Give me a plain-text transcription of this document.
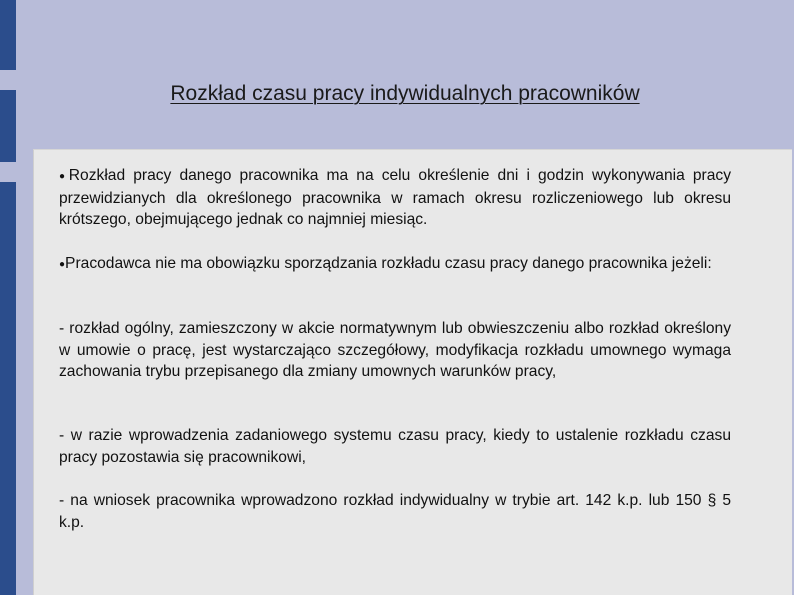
Rozkład czasu pracy indywidualnych pracowników

●Rozkład pracy danego pracownika ma na celu określenie dni i godzin wykonywania pracy przewidzianych dla określonego pracownika w ramach okresu rozliczeniowego lub okresu krótszego, obejmującego jednak co najmniej miesiąc.

●Pracodawca nie ma obowiązku sporządzania rozkładu czasu pracy danego pracownika jeżeli:

- rozkład ogólny, zamieszczony w akcie normatywnym lub obwieszczeniu albo rozkład określony w umowie o pracę, jest wystarczająco szczegółowy, modyfikacja rozkładu umownego wymaga zachowania trybu przepisanego dla zmiany umownych warunków pracy,

- w razie wprowadzenia zadaniowego systemu czasu pracy, kiedy to ustalenie rozkładu czasu pracy pozostawia się pracownikowi,

- na wniosek pracownika wprowadzono rozkład indywidualny w trybie art. 142 k.p. lub 150 § 5 k.p.
